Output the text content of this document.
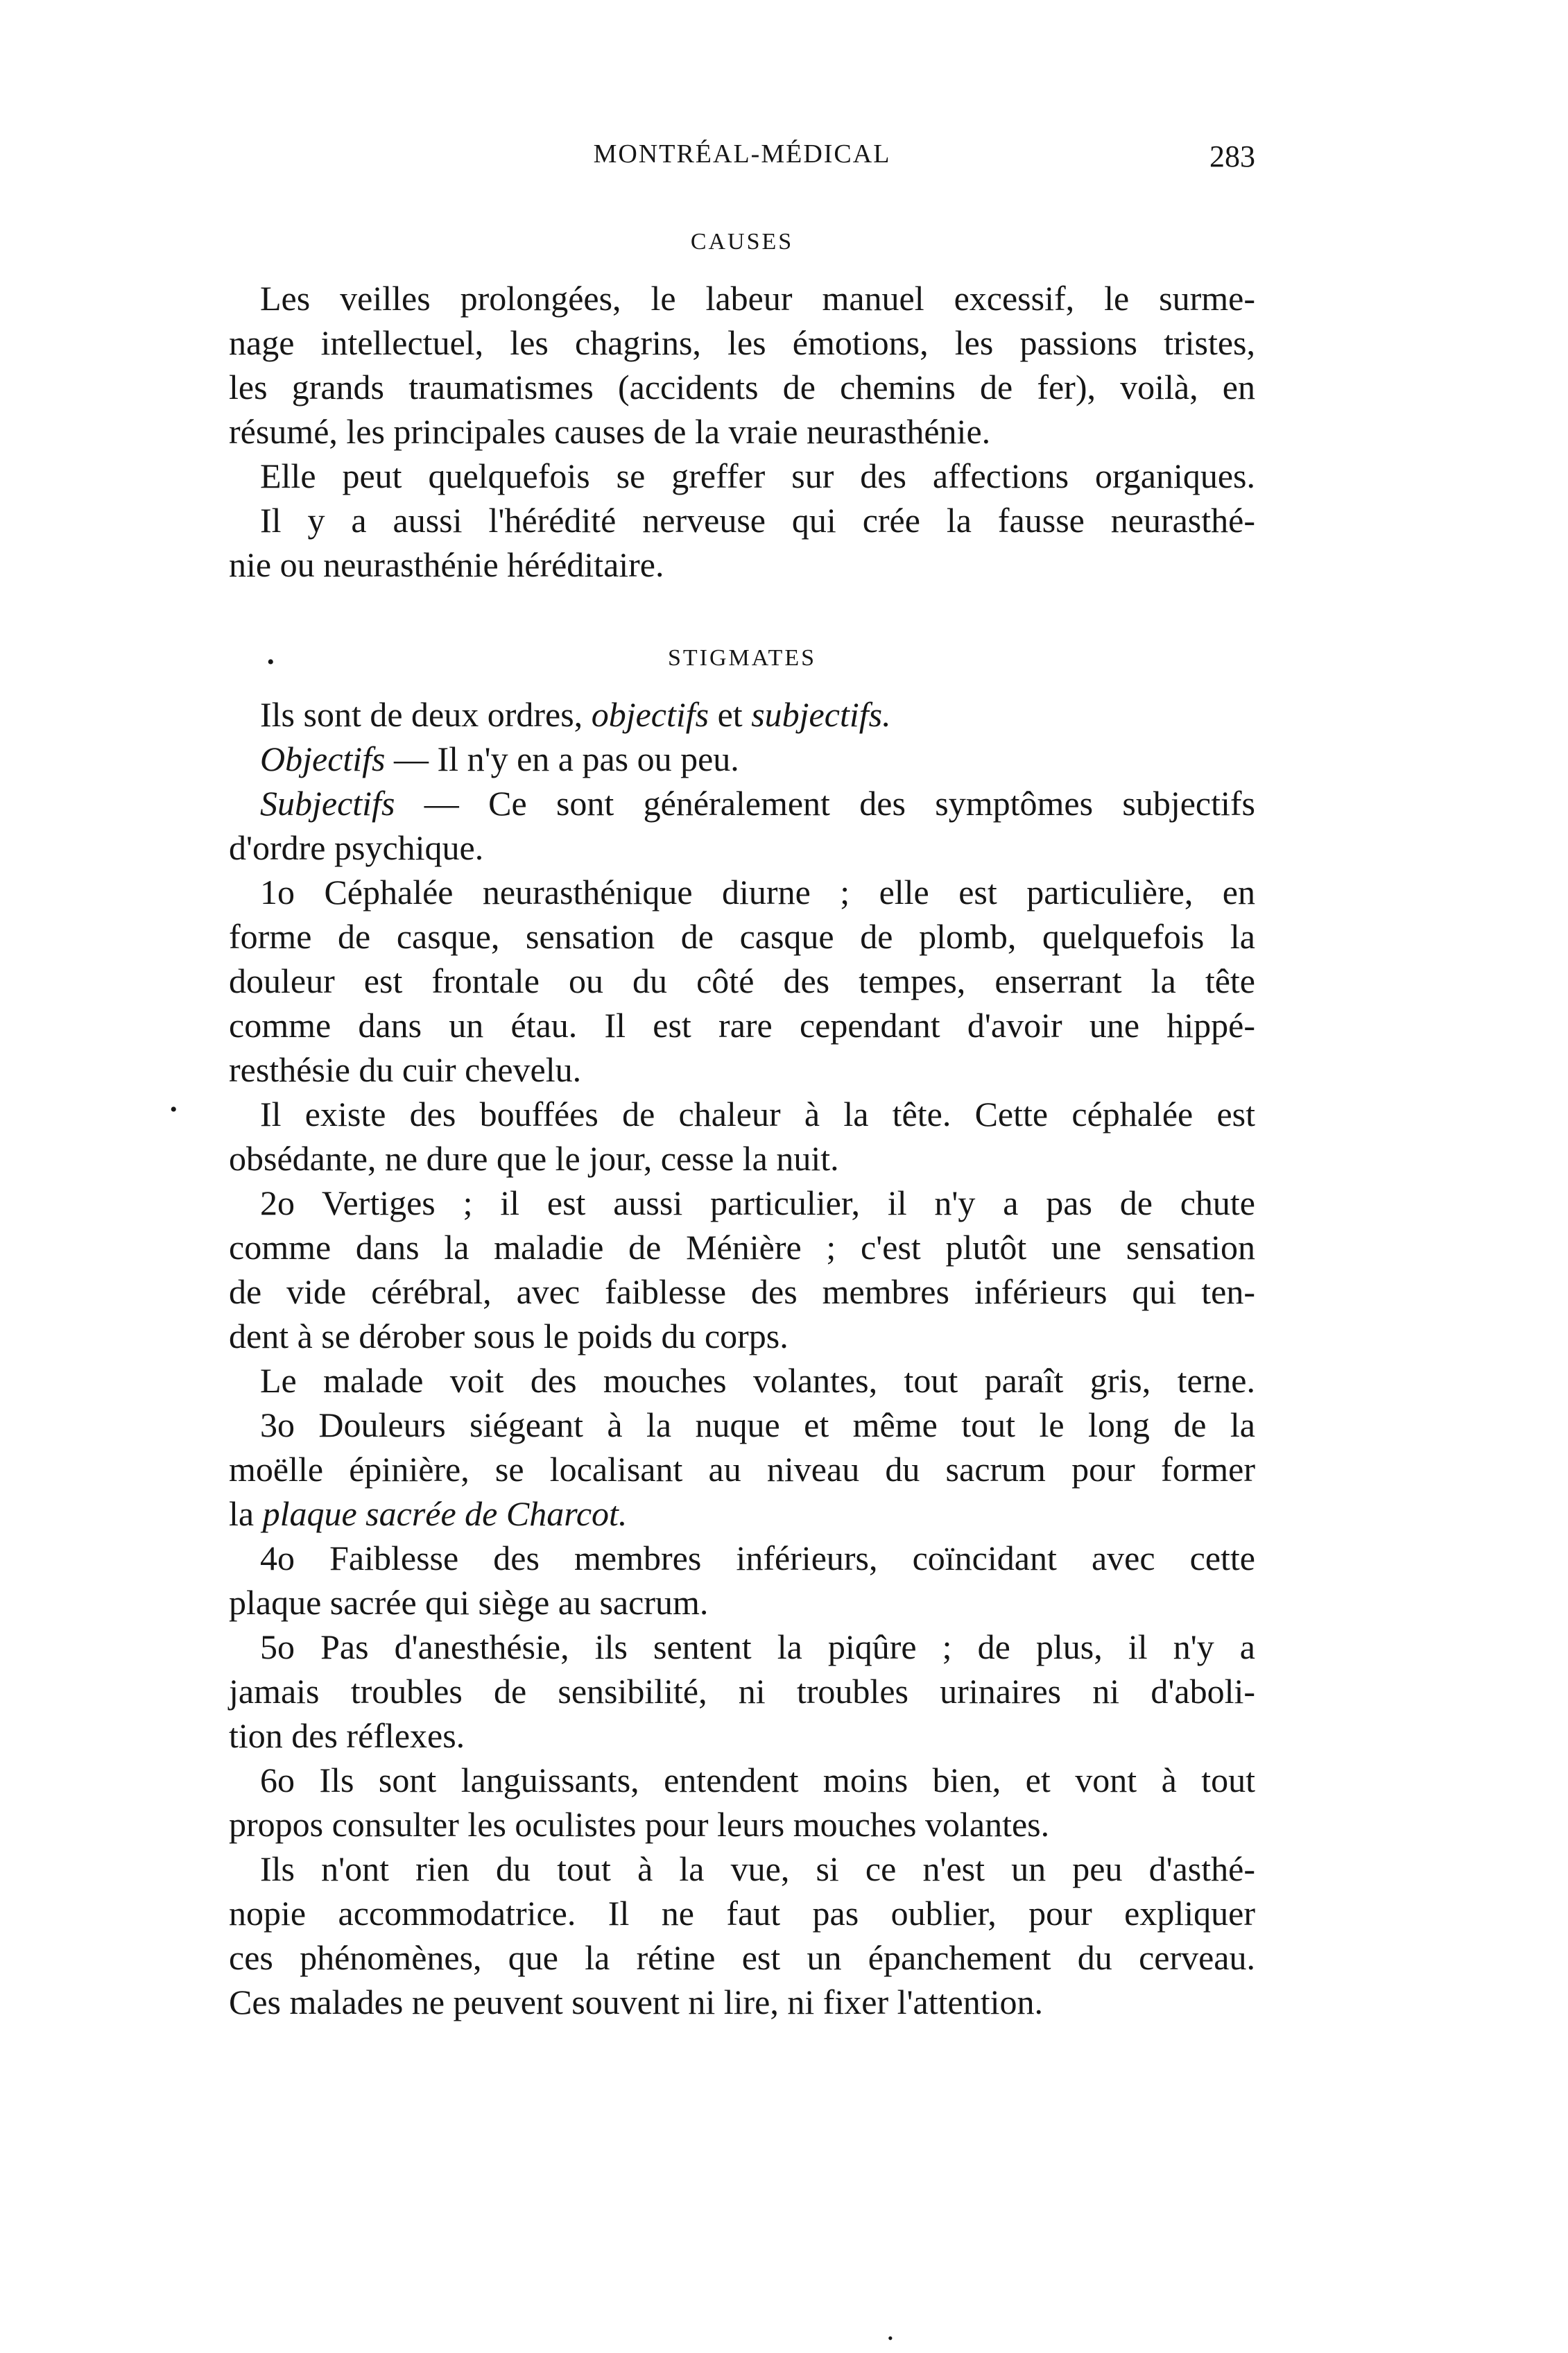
MONTRÉAL-MÉDICAL	283
CAUSES
Les veilles prolongées, le labeur manuel excessif, le surme-
nage intellectuel, les chagrins, les émotions, les passions tristes,
les grands traumatismes (accidents de chemins de fer), voilà, en
résumé, les principales causes de la vraie neurasthénie.
Elle peut quelquefois se greffer sur des affections organiques.
Il y a aussi l'hérédité nerveuse qui crée la fausse neurasthé-
nie ou neurasthénie héréditaire.
•	STIGMATES
Ils sont de deux ordres, objectifs et subjectifs.
Objectifs — Il n'y en a pas ou peu.
Subjectifs — Ce sont généralement des symptômes subjectifs
d'ordre psychique.
1o Céphalée neurasthénique diurne ; elle est particulière, en
forme de casque, sensation de casque de plomb, quelquefois la
douleur est frontale ou du côté des tempes, enserrant la tête
comme dans un étau. Il est rare cependant d'avoir une hippé-
resthésie du cuir chevelu.
Il existe des bouffées de chaleur à la tête. Cette céphalée est
obsédante, ne dure que le jour, cesse la nuit.
2o Vertiges ; il est aussi particulier, il n'y a pas de chute
comme dans la maladie de Ménière ; c'est plutôt une sensation
de vide cérébral, avec faiblesse des membres inférieurs qui ten-
dent à se dérober sous le poids du corps.
Le malade voit des mouches volantes, tout paraît gris, terne.
3o Douleurs siégeant à la nuque et même tout le long de la
moëlle épinière, se localisant au niveau du sacrum pour former
la plaque sacrée de Charcot.
4o Faiblesse des membres inférieurs, coïncidant avec cette
plaque sacrée qui siège au sacrum.
5o Pas d'anesthésie, ils sentent la piqûre ; de plus, il n'y a
jamais troubles de sensibilité, ni troubles urinaires ni d'aboli-
tion des réflexes.
6o Ils sont languissants, entendent moins bien, et vont à tout
propos consulter les oculistes pour leurs mouches volantes.
Ils n'ont rien du tout à la vue, si ce n'est un peu d'asthé-
nopie accommodatrice. Il ne faut pas oublier, pour expliquer
ces phénomènes, que la rétine est un épanchement du cerveau.
Ces malades ne peuvent souvent ni lire, ni fixer l'attention.
•
•
